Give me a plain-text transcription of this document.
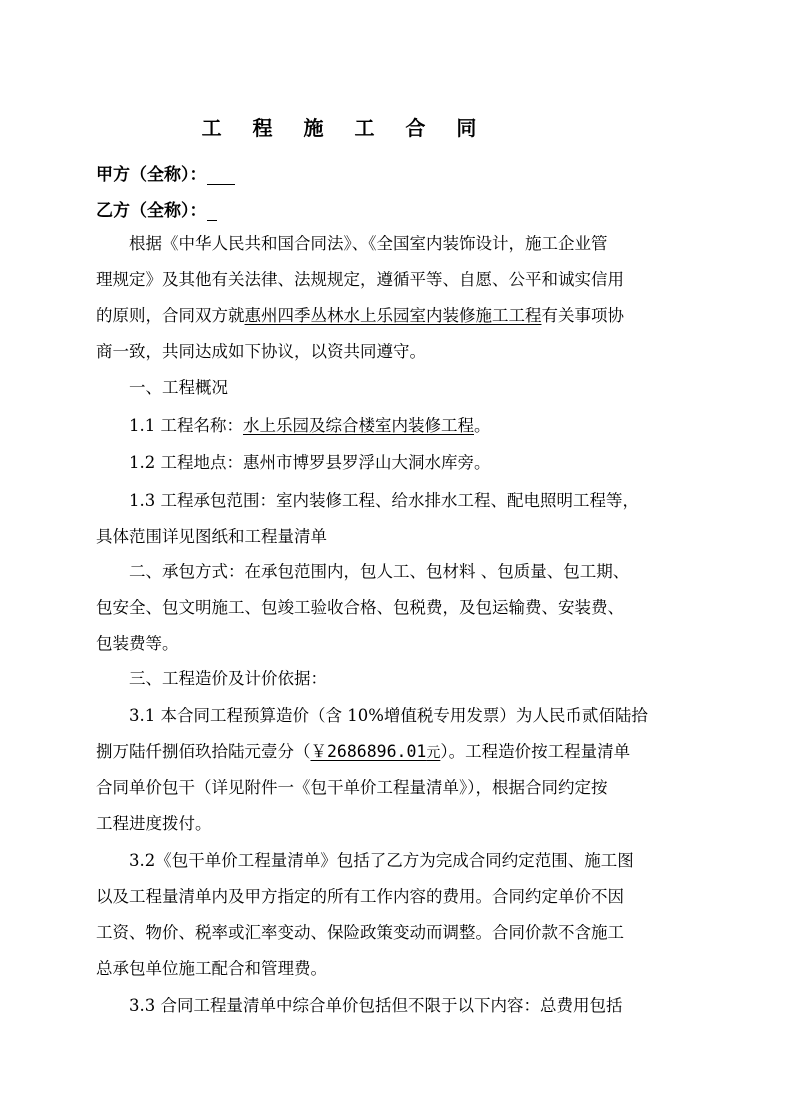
工 程 施 工 合 同
甲方（全称）：
乙方（全称）：
根据《中华人民共和国合同法》、《全国室内装饰设计，施工企业管
理规定》及其他有关法律、法规规定，遵循平等、自愿、公平和诚实信用
的原则，合同双方就惠州四季丛林水上乐园室内装修施工工程有关事项协
商一致，共同达成如下协议，以资共同遵守。
一、工程概况
1.1 工程名称：水上乐园及综合楼室内装修工程。
1.2 工程地点：惠州市博罗县罗浮山大洞水库旁。
1.3 工程承包范围：室内装修工程、给水排水工程、配电照明工程等，
具体范围详见图纸和工程量清单
二、承包方式：在承包范围内，包人工、包材料 、包质量、包工期、
包安全、包文明施工、包竣工验收合格、包税费，及包运输费、安装费、
包装费等。
三、工程造价及计价依据：
3.1 本合同工程预算造价（含 10%增值税专用发票）为人民币贰佰陆拾
捌万陆仟捌佰玖拾陆元壹分（￥2686896.01元）。工程造价按工程量清单
合同单价包干（详见附件一《包干单价工程量清单》），根据合同约定按
工程进度拨付。
3.2《包干单价工程量清单》包括了乙方为完成合同约定范围、施工图
以及工程量清单内及甲方指定的所有工作内容的费用。合同约定单价不因
工资、物价、税率或汇率变动、保险政策变动而调整。合同价款不含施工
总承包单位施工配合和管理费。
3.3 合同工程量清单中综合单价包括但不限于以下内容：总费用包括
